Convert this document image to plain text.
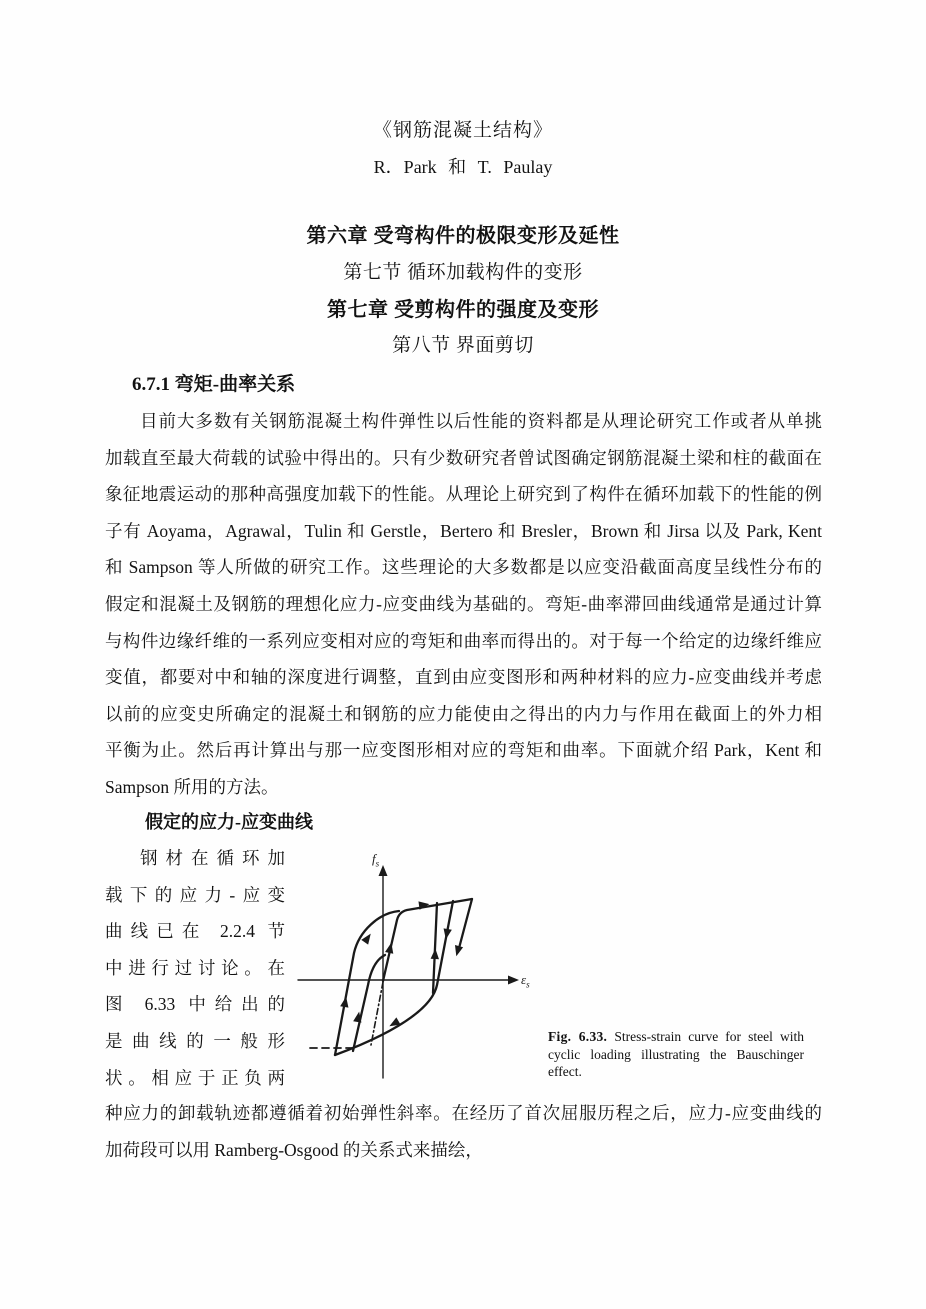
《钢筋混凝土结构》
R．Park 和 T. Paulay
第六章 受弯构件的极限变形及延性
第七节 循环加载构件的变形
第七章 受剪构件的强度及变形
第八节 界面剪切
6.7.1 弯矩-曲率关系
目前大多数有关钢筋混凝土构件弹性以后性能的资料都是从理论研究工作或者从单挑
加载直至最大荷载的试验中得出的。只有少数研究者曾试图确定钢筋混凝土梁和柱的截面在
象征地震运动的那种高强度加载下的性能。从理论上研究到了构件在循环加载下的性能的例
子有 Aoyama，Agrawal，Tulin 和 Gerstle，Bertero 和 Bresler，Brown 和 Jirsa 以及 Park, Kent
和 Sampson 等人所做的研究工作。这些理论的大多数都是以应变沿截面高度呈线性分布的
假定和混凝土及钢筋的理想化应力-应变曲线为基础的。弯矩-曲率滞回曲线通常是通过计算
与构件边缘纤维的一系列应变相对应的弯矩和曲率而得出的。对于每一个给定的边缘纤维应
变值，都要对中和轴的深度进行调整，直到由应变图形和两种材料的应力-应变曲线并考虑
以前的应变史所确定的混凝土和钢筋的应力能使由之得出的内力与作用在截面上的外力相
平衡为止。然后再计算出与那一应变图形相对应的弯矩和曲率。下面就介绍 Park，Kent 和
Sampson 所用的方法。
假定的应力-应变曲线
钢材在循环加
载下的应力-应变
曲线已在 2.2.4 节
中进行过讨论。在
图 6.33 中给出的
是曲线的一般形
状。相应于正负两
$f_s$
$\varepsilon_s$
Fig. 6.33. Stress-strain curve for steel with cyclic loading illustrating the Bauschinger effect.
种应力的卸载轨迹都遵循着初始弹性斜率。在经历了首次屈服历程之后，应力-应变曲线的
加荷段可以用 Ramberg-Osgood 的关系式来描绘，
